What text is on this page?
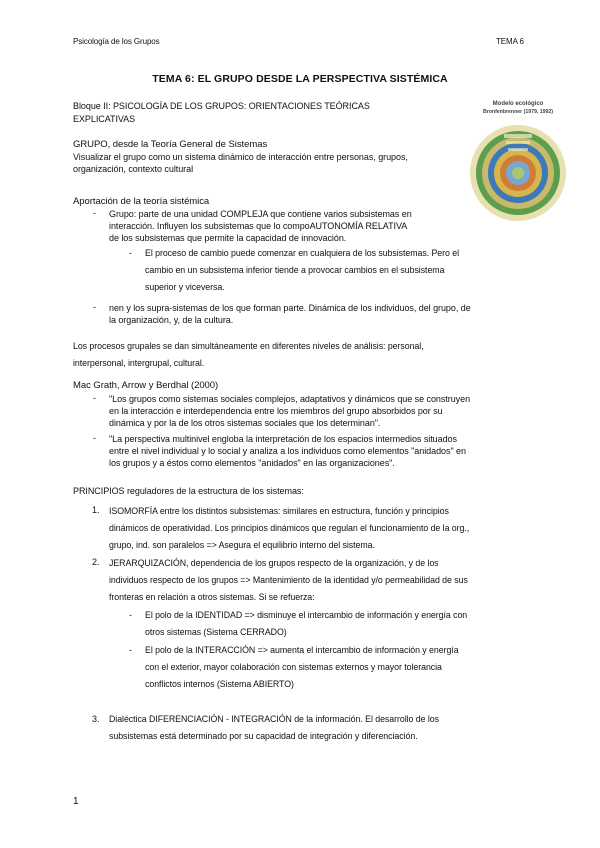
Psicología de los Grupos	TEMA 6
TEMA 6: EL GRUPO DESDE LA PERSPECTIVA SISTÉMICA
Bloque II: PSICOLOGÍA DE LOS GRUPOS: ORIENTACIONES TEÓRICAS
EXPLICATIVAS
Modelo ecológico
Bronfenbrenner (1979, 1992)
GRUPO, desde la Teoría General de Sistemas
Visualizar el grupo como un sistema dinámico de interacción entre personas, grupos,
organización, contexto cultural
Aportación de la teoría sistémica
- Grupo: parte de una unidad COMPLEJA que contiene varios subsistemas en
interacción. Influyen los subsistemas que lo compoAUTONOMÍA RELATIVA
de los subsistemas que permite la capacidad de innovación.
- El proceso de cambio puede comenzar en cualquiera de los subsistemas. Pero el
cambio en un subsistema inferior tiende a provocar cambios en el subsistema
superior y viceversa.
- nen y los supra-sistemas de los que forman parte. Dinámica de los individuos, del grupo, de
la organización, y, de la cultura.
Los procesos grupales se dan simultáneamente en diferentes niveles de análisis: personal,
interpersonal, intergrupal, cultural.
Mac Grath, Arrow y Berdhal (2000)
- "Los grupos como sistemas sociales complejos, adaptativos y dinámicos que se construyen
en la interacción e interdependencia entre los miembros del grupo absorbidos por su
dinámica y por la de los otros sistemas sociales que los determinan".
- "La perspectiva multinivel engloba la interpretación de los espacios intermedios situados
entre el nivel individual y lo social y analiza a los individuos como elementos "anidados" en
los grupos y a éstos como elementos "anidados" en las organizaciones".
PRINCIPIOS reguladores de la estructura de los sistemas:
1. ISOMORFÍA entre los distintos subsistemas: similares en estructura, función y principios
dinámicos de operatividad. Los principios dinámicos que regulan el funcionamiento de la org.,
grupo, ind. son paralelos => Asegura el equilibrio interno del sistema.
2. JERARQUIZACIÓN, dependencia de los grupos respecto de la organización, y de los
individuos respecto de los grupos => Mantenimiento de la identidad y/o permeabilidad de sus
fronteras en relación a otros sistemas. Si se refuerza:
- El polo de la IDENTIDAD => disminuye el intercambio de información y energía con
otros sistemas (Sistema CERRADO)
- El polo de la INTERACCIÓN => aumenta el intercambio de información y energía
con el exterior, mayor colaboración con sistemas externos y mayor tolerancia
conflictos internos (Sistema ABIERTO)
3. Dialéctica DIFERENCIACIÓN - INTEGRACIÓN de la información. El desarrollo de los
subsistemas está determinado por su capacidad de integración y diferenciación.
1
